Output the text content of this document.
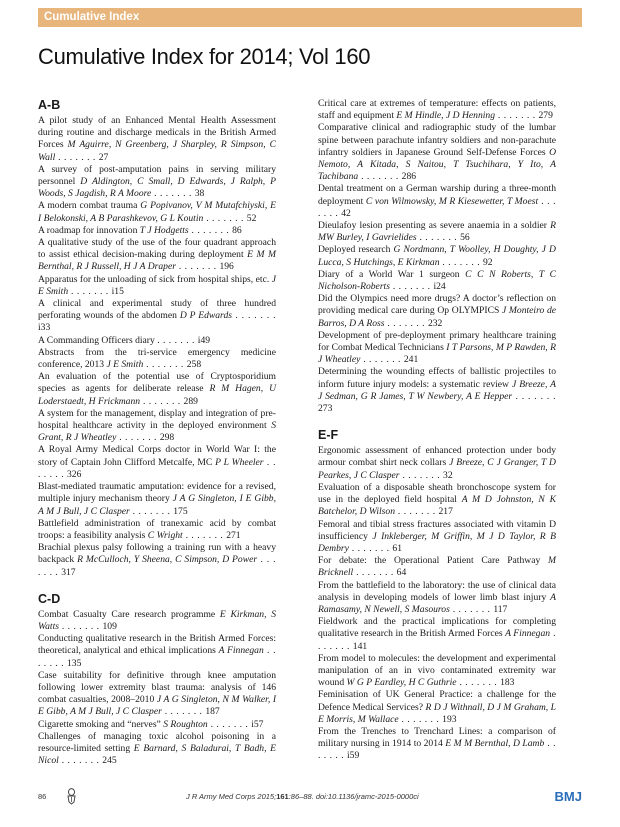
Cumulative Index
Cumulative Index for 2014; Vol 160
A-B
A pilot study of an Enhanced Mental Health Assessment during routine and discharge medicals in the British Armed Forces M Aguirre, N Greenberg, J Sharpley, R Simpson, C Wall . . . . . . . 27
A survey of post-amputation pains in serving military personnel D Aldington, C Small, D Edwards, J Ralph, P Woods, S Jagdish, R A Moore . . . . . . . 38
A modern combat trauma G Popivanov, V M Mutafchiyski, E I Belokonski, A B Parashkevov, G L Koutin . . . . . . . 52
A roadmap for innovation T J Hodgetts . . . . . . . 86
A qualitative study of the use of the four quadrant approach to assist ethical decision-making during deployment E M M Bernthal, R J Russell, H J A Draper . . . . . . . 196
Apparatus for the unloading of sick from hospital ships, etc. J E Smith . . . . . . . i15
A clinical and experimental study of three hundred perforating wounds of the abdomen D P Edwards . . . . . . . i33
A Commanding Officers diary . . . . . . . i49
Abstracts from the tri-service emergency medicine conference, 2013 J E Smith . . . . . . . 258
An evaluation of the potential use of Cryptosporidium species as agents for deliberate release R M Hagen, U Loderstaedt, H Frickmann . . . . . . . 289
A system for the management, display and integration of pre-hospital healthcare activity in the deployed environment S Grant, R J Wheatley . . . . . . . 298
A Royal Army Medical Corps doctor in World War I: the story of Captain John Clifford Metcalfe, MC P L Wheeler . . . . . . . 326
Blast-mediated traumatic amputation: evidence for a revised, multiple injury mechanism theory J A G Singleton, I E Gibb, A M J Bull, J C Clasper . . . . . . . 175
Battlefield administration of tranexamic acid by combat troops: a feasibility analysis C Wright . . . . . . . 271
Brachial plexus palsy following a training run with a heavy backpack R McCulloch, Y Sheena, C Simpson, D Power . . . . . . . 317
C-D
Combat Casualty Care research programme E Kirkman, S Watts . . . . . . . 109
Conducting qualitative research in the British Armed Forces: theoretical, analytical and ethical implications A Finnegan . . . . . . . 135
Case suitability for definitive through knee amputation following lower extremity blast trauma: analysis of 146 combat casualties, 2008–2010 J A G Singleton, N M Walker, I E Gibb, A M J Bull, J C Clasper . . . . . . . 187
Cigarette smoking and “nerves” S Roughton . . . . . . . i57
Challenges of managing toxic alcohol poisoning in a resource-limited setting E Barnard, S Baladurai, T Badh, E Nicol . . . . . . . 245
Critical care at extremes of temperature: effects on patients, staff and equipment E M Hindle, J D Henning . . . . . . . 279
Comparative clinical and radiographic study of the lumbar spine between parachute infantry soldiers and non-parachute infantry soldiers in Japanese Ground Self-Defense Forces O Nemoto, A Kitada, S Naitou, T Tsuchihara, Y Ito, A Tachibana . . . . . . . 286
Dental treatment on a German warship during a three-month deployment C von Wilmowsky, M R Kiesewetter, T Moest . . . . . . . 42
Dieulafoy lesion presenting as severe anaemia in a soldier R MW Burley, I Gavrielides . . . . . . . 56
Deployed research G Nordmann, T Woolley, H Doughty, J D Lucca, S Hutchings, E Kirkman . . . . . . . 92
Diary of a World War 1 surgeon C C N Roberts, T C Nicholson-Roberts . . . . . . . i24
Did the Olympics need more drugs? A doctor’s reflection on providing medical care during Op OLYMPICS J Monteiro de Barros, D A Ross . . . . . . . 232
Development of pre-deployment primary healthcare training for Combat Medical Technicians I T Parsons, M P Rawden, R J Wheatley . . . . . . . 241
Determining the wounding effects of ballistic projectiles to inform future injury models: a systematic review J Breeze, A J Sedman, G R James, T W Newbery, A E Hepper . . . . . . . 273
E-F
Ergonomic assessment of enhanced protection under body armour combat shirt neck collars J Breeze, C J Granger, T D Pearkes, J C Clasper . . . . . . . 32
Evaluation of a disposable sheath bronchoscope system for use in the deployed field hospital A M D Johnston, N K Batchelor, D Wilson . . . . . . . 217
Femoral and tibial stress fractures associated with vitamin D insufficiency J Inkleberger, M Griffin, M J D Taylor, R B Dembry . . . . . . . 61
For debate: the Operational Patient Care Pathway M Bricknell . . . . . . . 64
From the battlefield to the laboratory: the use of clinical data analysis in developing models of lower limb blast injury A Ramasamy, N Newell, S Masouros . . . . . . . 117
Fieldwork and the practical implications for completing qualitative research in the British Armed Forces A Finnegan . . . . . . . 141
From model to molecules: the development and experimental manipulation of an in vivo contaminated extremity war wound W G P Eardley, H C Guthrie . . . . . . . 183
Feminisation of UK General Practice: a challenge for the Defence Medical Services? R D J Withnall, D J M Graham, L E Morris, M Wallace . . . . . . . 193
From the Trenches to Trenchard Lines: a comparison of military nursing in 1914 to 2014 E M M Bernthal, D Lamb . . . . . . . i59
86	J R Army Med Corps 2015;161:86–88. doi:10.1136/jramc-2015-0000ci	BMJ
